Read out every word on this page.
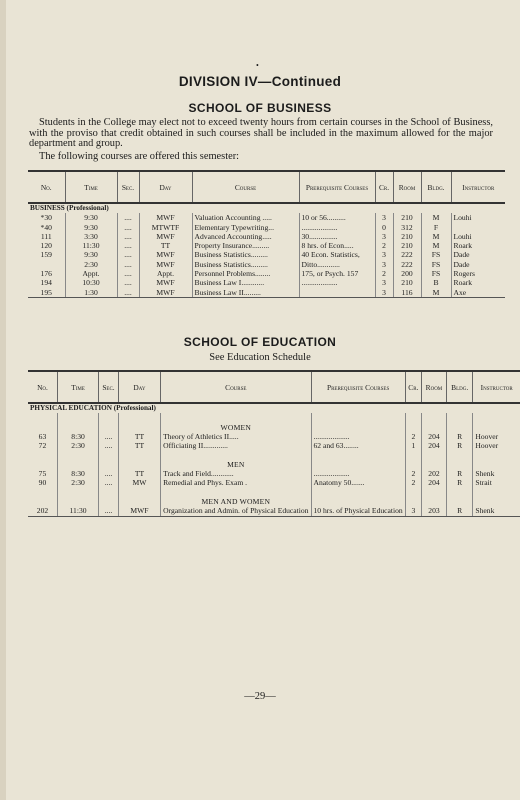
•
DIVISION IV—Continued
SCHOOL OF BUSINESS
Students in the College may elect not to exceed twenty hours from certain courses in the School of Business, with the proviso that credit obtained in such courses shall be included in the maximum allowed for the major department and group.
The following courses are offered this semester:
No.	Time	Sec.	Day	Course	Prerequisite Courses	Cr.	Room	Bldg.	Instructor
BUSINESS (Professional)									
*30	9:30	....	MWF	Valuation Accounting .....	10 or 56..........	3	210	M	Louhi
*40	9:30	....	MTWTF	Elementary Typewriting...	...................	0	312	F	
111	3:30	....	MWF	Advanced Accounting.....	30...............	3	210	M	Louhi
120	11:30	....	TT	Property Insurance.........	8 hrs. of Econ.....	2	210	M	Roark
159	9:30	....	MWF	Business Statistics.........	40 Econ. Statistics,	3	222	FS	Dade
	2:30	....	MWF	Business Statistics.........	Ditto............	3	222	FS	Dade
176	Appt.	....	Appt.	Personnel Problems........	175, or Psych. 157	2	200	FS	Rogers
194	10:30	....	MWF	Business Law I............	...................	3	210	B	Roark
195	1:30	....	MWF	Business Law II.........		3	116	M	Axe
SCHOOL OF EDUCATION
See Education Schedule
No.	Time	Sec.	Day	Course	Prerequisite Courses	Cr.	Room	Bldg.	Instructor
PHYSICAL EDUCATION (Professional)									

				WOMEN					
63	8:30	....	TT	Theory of Athletics II.....	...................	2	204	R	Hoover
72	2:30	....	TT	Officiating II.............	62 and 63........	1	204	R	Hoover

				MEN					
75	8:30	....	TT	Track and Field............	...................	2	202	R	Shenk
90	2:30	....	MW	Remedial and Phys. Exam .	Anatomy 50.......	2	204	R	Strait

				MEN AND WOMEN					
202	11:30	....	MWF	Organization and Admin. of Physical Education	10 hrs. of Physical Education	3	203	R	Shenk
—29—
